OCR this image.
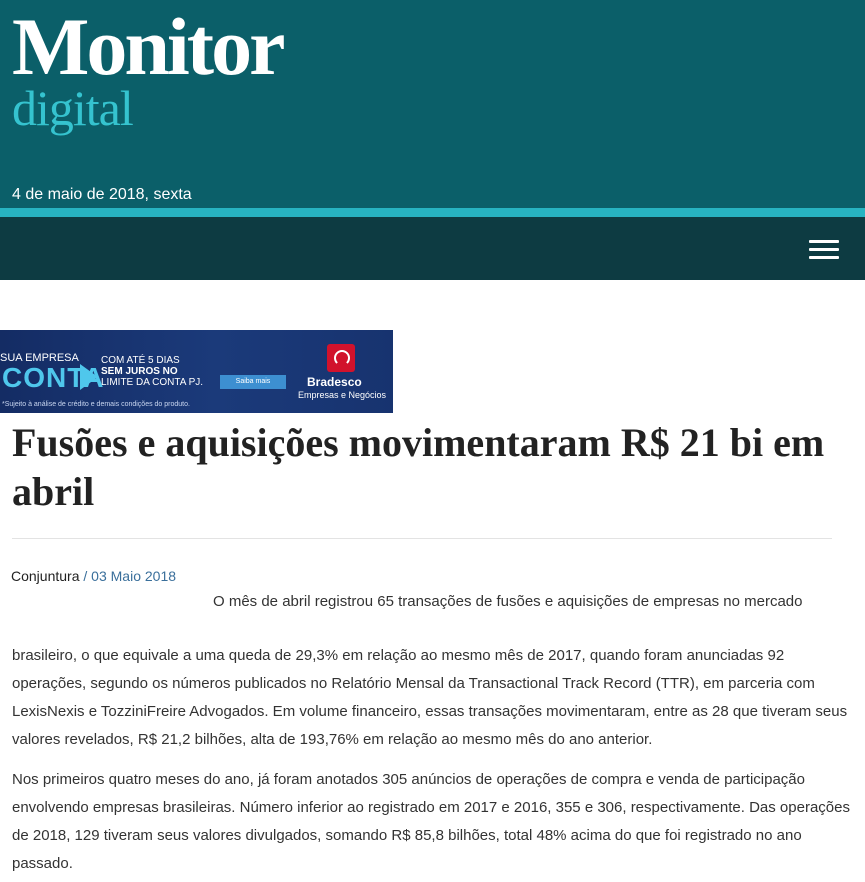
Monitor
digital
4 de maio de 2018, sexta
SUA EMPRESA
CONTA
COM ATÉ 5 DIAS
SEM JUROS NO
LIMITE DA CONTA PJ.	Saiba mais	Bradesco
Empresas e Negócios
*Sujeito à análise de crédito e demais condições do produto.
Fusões e aquisições movimentaram R$ 21 bi em abril
Conjuntura / 03 Maio 2018
O mês de abril registrou 65 transações de fusões e aquisições de empresas no mercado

brasileiro, o que equivale a uma queda de 29,3% em relação ao mesmo mês de 2017, quando foram anunciadas 92 operações, segundo os números publicados no Relatório Mensal da Transactional Track Record (TTR), em parceria com LexisNexis e TozziniFreire Advogados. Em volume financeiro, essas transações movimentaram, entre as 28 que tiveram seus valores revelados, R$ 21,2 bilhões, alta de 193,76% em relação ao mesmo mês do ano anterior.

Nos primeiros quatro meses do ano, já foram anotados 305 anúncios de operações de compra e venda de participação envolvendo empresas brasileiras. Número inferior ao registrado em 2017 e 2016, 355 e 306, respectivamente. Das operações de 2018, 129 tiveram seus valores divulgados, somando R$ 85,8 bilhões, total 48% acima do que foi registrado no ano passado.
